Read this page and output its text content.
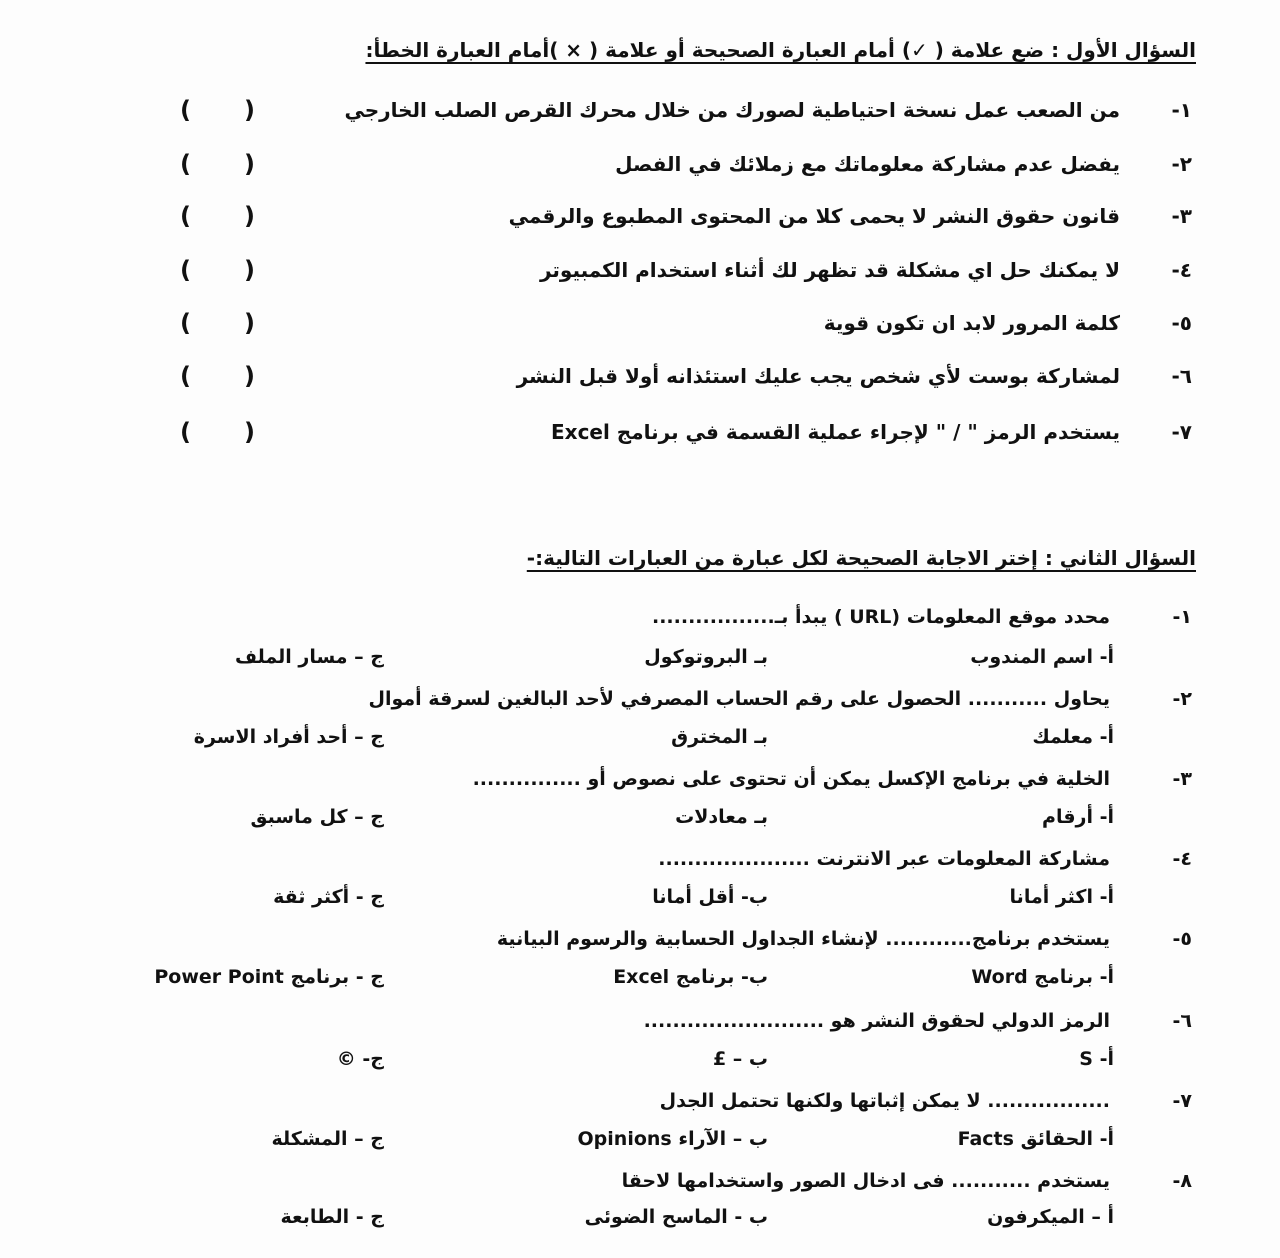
السؤال الأول : ضع علامة ( ✓) أمام العبارة الصحيحة أو علامة ( × )أمام العبارة الخطأ:
١-
من الصعب عمل نسخة احتياطية لصورك من خلال محرك القرص الصلب الخارجي
( )
٢-
يفضل عدم مشاركة معلوماتك مع زملائك في الفصل
( )
٣-
قانون حقوق النشر لا يحمى كلا من المحتوى المطبوع والرقمي
( )
٤-
لا يمكنك حل اي مشكلة قد تظهر لك أثناء استخدام الكمبيوتر
( )
٥-
كلمة المرور لابد ان تكون قوية
( )
٦-
لمشاركة بوست لأي شخص يجب عليك استئذانه أولا قبل النشر
( )
٧-
يستخدم الرمز " / " لإجراء عملية القسمة في برنامج Excel
( )
السؤال الثاني : إختر الاجابة الصحيحة لكل عبارة من العبارات التالية:-
١-
محدد موقع المعلومات (URL ) يبدأ بـ.................
أ- اسم المندوب
بـ البروتوكول
ج – مسار الملف
٢-
يحاول ........... الحصول على رقم الحساب المصرفي لأحد البالغين لسرقة أموال
أ- معلمك
بـ المخترق
ج – أحد أفراد الاسرة
٣-
الخلية في برنامج الإكسل يمكن أن تحتوى على نصوص أو ...............
أ- أرقام
بـ معادلات
ج – كل ماسبق
٤-
مشاركة المعلومات عبر الانترنت .....................
أ- اكثر أمانا
ب- أقل أمانا
ج - أكثر ثقة
٥-
يستخدم برنامج............ لإنشاء الجداول الحسابية والرسوم البيانية
أ- برنامج Word
ب- برنامج Excel
ج - برنامج Power Point
٦-
الرمز الدولي لحقوق النشر هو .........................
أ- S
ب – £
ج- ©
٧-
................. لا يمكن إثباتها ولكنها تحتمل الجدل
أ- الحقائق Facts
ب – الآراء Opinions
ج – المشكلة
٨-
يستخدم ........... فى ادخال الصور واستخدامها لاحقا
أ – الميكرفون
ب - الماسح الضوئى
ج - الطابعة
